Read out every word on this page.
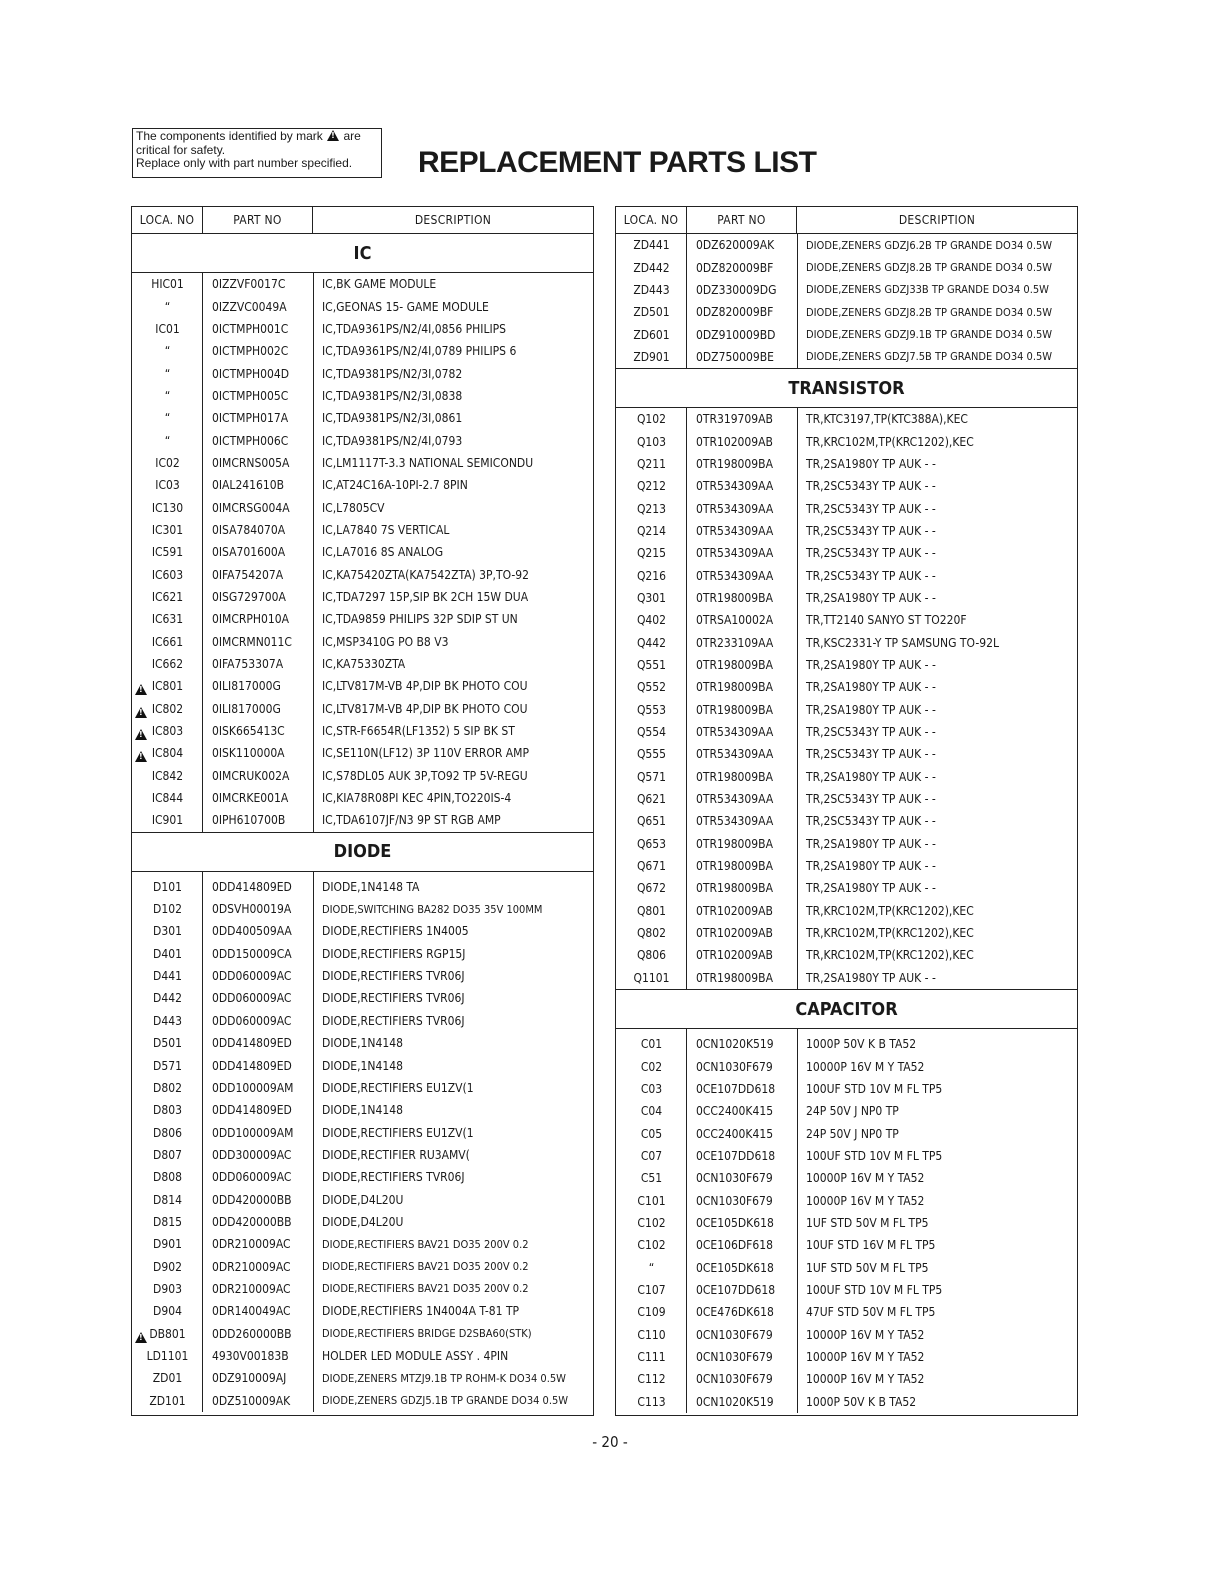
The components identified by mark ! are
critical for safety.
Replace only with part number specified.	REPLACEMENT PARTS LIST
LOCA. NO	PART NO	DESCRIPTION
IC
HIC01	0IZZVF0017C	IC,BK GAME MODULE
“	0IZZVC0049A	IC,GEONAS 15- GAME MODULE
IC01	0ICTMPH001C	IC,TDA9361PS/N2/4I,0856 PHILIPS
“	0ICTMPH002C	IC,TDA9361PS/N2/4I,0789 PHILIPS 6
“	0ICTMPH004D	IC,TDA9381PS/N2/3I,0782
“	0ICTMPH005C	IC,TDA9381PS/N2/3I,0838
“	0ICTMPH017A	IC,TDA9381PS/N2/3I,0861
“	0ICTMPH006C	IC,TDA9381PS/N2/4I,0793
IC02	0IMCRNS005A	IC,LM1117T-3.3 NATIONAL SEMICONDU
IC03	0IAL241610B	IC,AT24C16A-10PI-2.7 8PIN
IC130	0IMCRSG004A	IC,L7805CV
IC301	0ISA784070A	IC,LA7840 7S VERTICAL
IC591	0ISA701600A	IC,LA7016 8S ANALOG
IC603	0IFA754207A	IC,KA75420ZTA(KA7542ZTA) 3P,TO-92
IC621	0ISG729700A	IC,TDA7297 15P,SIP BK 2CH 15W DUA
IC631	0IMCRPH010A	IC,TDA9859 PHILIPS 32P SDIP ST UN
IC661	0IMCRMN011C	IC,MSP3410G PO B8 V3
IC662	0IFA753307A	IC,KA75330ZTA
!
IC801	0ILI817000G	IC,LTV817M-VB 4P,DIP BK PHOTO COU
!
IC802	0ILI817000G	IC,LTV817M-VB 4P,DIP BK PHOTO COU
!
IC803	0ISK665413C	IC,STR-F6654R(LF1352) 5 SIP BK ST
!
IC804	0ISK110000A	IC,SE110N(LF12) 3P 110V ERROR AMP
IC842	0IMCRUK002A	IC,S78DL05 AUK 3P,TO92 TP 5V-REGU
IC844	0IMCRKE001A	IC,KIA78R08PI KEC 4PIN,TO220IS-4
IC901	0IPH610700B	IC,TDA6107JF/N3 9P ST RGB AMP
DIODE
D101	0DD414809ED	DIODE,1N4148 TA
D102	0DSVH00019A	DIODE,SWITCHING BA282 DO35 35V 100MM
D301	0DD400509AA	DIODE,RECTIFIERS 1N4005
D401	0DD150009CA	DIODE,RECTIFIERS RGP15J
D441	0DD060009AC	DIODE,RECTIFIERS TVR06J
D442	0DD060009AC	DIODE,RECTIFIERS TVR06J
D443	0DD060009AC	DIODE,RECTIFIERS TVR06J
D501	0DD414809ED	DIODE,1N4148
D571	0DD414809ED	DIODE,1N4148
D802	0DD100009AM	DIODE,RECTIFIERS EU1ZV(1
D803	0DD414809ED	DIODE,1N4148
D806	0DD100009AM	DIODE,RECTIFIERS EU1ZV(1
D807	0DD300009AC	DIODE,RECTIFIER RU3AMV(
D808	0DD060009AC	DIODE,RECTIFIERS TVR06J
D814	0DD420000BB	DIODE,D4L20U
D815	0DD420000BB	DIODE,D4L20U
D901	0DR210009AC	DIODE,RECTIFIERS BAV21 DO35 200V 0.2
D902	0DR210009AC	DIODE,RECTIFIERS BAV21 DO35 200V 0.2
D903	0DR210009AC	DIODE,RECTIFIERS BAV21 DO35 200V 0.2
D904	0DR140049AC	DIODE,RECTIFIERS 1N4004A T-81 TP
!
DB801	0DD260000BB	DIODE,RECTIFIERS BRIDGE D2SBA60(STK)
LD1101	4930V00183B	HOLDER LED MODULE ASSY . 4PIN
ZD01	0DZ910009AJ	DIODE,ZENERS MTZJ9.1B TP ROHM-K DO34 0.5W
ZD101	0DZ510009AK	DIODE,ZENERS GDZJ5.1B TP GRANDE DO34 0.5W
LOCA. NO	PART NO	DESCRIPTION
ZD441	0DZ620009AK	DIODE,ZENERS GDZJ6.2B TP GRANDE DO34 0.5W
ZD442	0DZ820009BF	DIODE,ZENERS GDZJ8.2B TP GRANDE DO34 0.5W
ZD443	0DZ330009DG	DIODE,ZENERS GDZJ33B TP GRANDE DO34 0.5W
ZD501	0DZ820009BF	DIODE,ZENERS GDZJ8.2B TP GRANDE DO34 0.5W
ZD601	0DZ910009BD	DIODE,ZENERS GDZJ9.1B TP GRANDE DO34 0.5W
ZD901	0DZ750009BE	DIODE,ZENERS GDZJ7.5B TP GRANDE DO34 0.5W
TRANSISTOR
Q102	0TR319709AB	TR,KTC3197,TP(KTC388A),KEC
Q103	0TR102009AB	TR,KRC102M,TP(KRC1202),KEC
Q211	0TR198009BA	TR,2SA1980Y TP AUK - -
Q212	0TR534309AA	TR,2SC5343Y TP AUK - -
Q213	0TR534309AA	TR,2SC5343Y TP AUK - -
Q214	0TR534309AA	TR,2SC5343Y TP AUK - -
Q215	0TR534309AA	TR,2SC5343Y TP AUK - -
Q216	0TR534309AA	TR,2SC5343Y TP AUK - -
Q301	0TR198009BA	TR,2SA1980Y TP AUK - -
Q402	0TRSA10002A	TR,TT2140 SANYO ST TO220F
Q442	0TR233109AA	TR,KSC2331-Y TP SAMSUNG TO-92L
Q551	0TR198009BA	TR,2SA1980Y TP AUK - -
Q552	0TR198009BA	TR,2SA1980Y TP AUK - -
Q553	0TR198009BA	TR,2SA1980Y TP AUK - -
Q554	0TR534309AA	TR,2SC5343Y TP AUK - -
Q555	0TR534309AA	TR,2SC5343Y TP AUK - -
Q571	0TR198009BA	TR,2SA1980Y TP AUK - -
Q621	0TR534309AA	TR,2SC5343Y TP AUK - -
Q651	0TR534309AA	TR,2SC5343Y TP AUK - -
Q653	0TR198009BA	TR,2SA1980Y TP AUK - -
Q671	0TR198009BA	TR,2SA1980Y TP AUK - -
Q672	0TR198009BA	TR,2SA1980Y TP AUK - -
Q801	0TR102009AB	TR,KRC102M,TP(KRC1202),KEC
Q802	0TR102009AB	TR,KRC102M,TP(KRC1202),KEC
Q806	0TR102009AB	TR,KRC102M,TP(KRC1202),KEC
Q1101	0TR198009BA	TR,2SA1980Y TP AUK - -
CAPACITOR
C01	0CN1020K519	1000P 50V K B TA52
C02	0CN1030F679	10000P 16V M Y TA52
C03	0CE107DD618	100UF STD 10V M FL TP5
C04	0CC2400K415	24P 50V J NP0 TP
C05	0CC2400K415	24P 50V J NP0 TP
C07	0CE107DD618	100UF STD 10V M FL TP5
C51	0CN1030F679	10000P 16V M Y TA52
C101	0CN1030F679	10000P 16V M Y TA52
C102	0CE105DK618	1UF STD 50V M FL TP5
C102	0CE106DF618	10UF STD 16V M FL TP5
“	0CE105DK618	1UF STD 50V M FL TP5
C107	0CE107DD618	100UF STD 10V M FL TP5
C109	0CE476DK618	47UF STD 50V M FL TP5
C110	0CN1030F679	10000P 16V M Y TA52
C111	0CN1030F679	10000P 16V M Y TA52
C112	0CN1030F679	10000P 16V M Y TA52
C113	0CN1020K519	1000P 50V K B TA52
- 20 -
